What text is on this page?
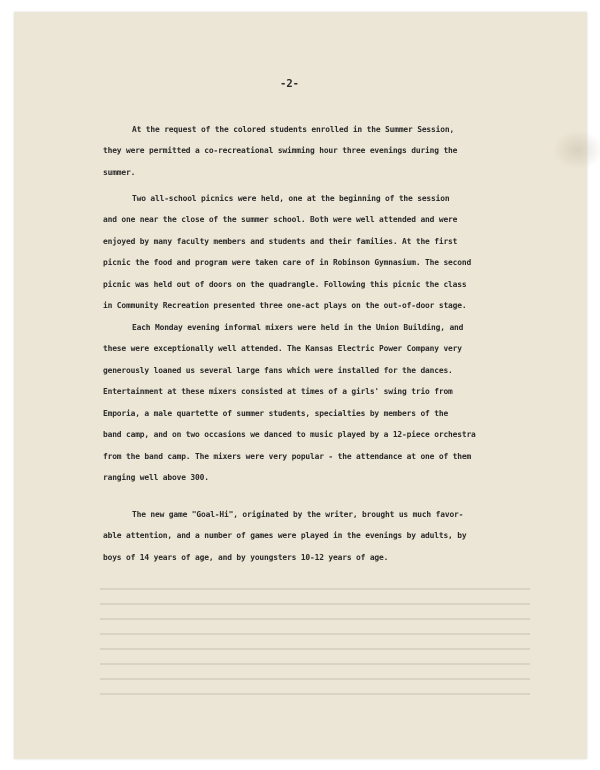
-2-

At the request of the colored students enrolled in the Summer Session,
they were permitted a co-recreational swimming hour three evenings during the
summer.
Two all-school picnics were held, one at the beginning of the session
and one near the close of the summer school. Both were well attended and were
enjoyed by many faculty members and students and their families. At the first
picnic the food and program were taken care of in Robinson Gymnasium. The second
picnic was held out of doors on the quadrangle. Following this picnic the class
in Community Recreation presented three one-act plays on the out-of-door stage.
Each Monday evening informal mixers were held in the Union Building, and
these were exceptionally well attended. The Kansas Electric Power Company very
generously loaned us several large fans which were installed for the dances.
Entertainment at these mixers consisted at times of a girls' swing trio from
Emporia, a male quartette of summer students, specialties by members of the
band camp, and on two occasions we danced to music played by a 12-piece orchestra
from the band camp. The mixers were very popular - the attendance at one of them
ranging well above 300.
The new game "Goal-Hi", originated by the writer, brought us much favor-
able attention, and a number of games were played in the evenings by adults, by
boys of 14 years of age, and by youngsters 10-12 years of age.
